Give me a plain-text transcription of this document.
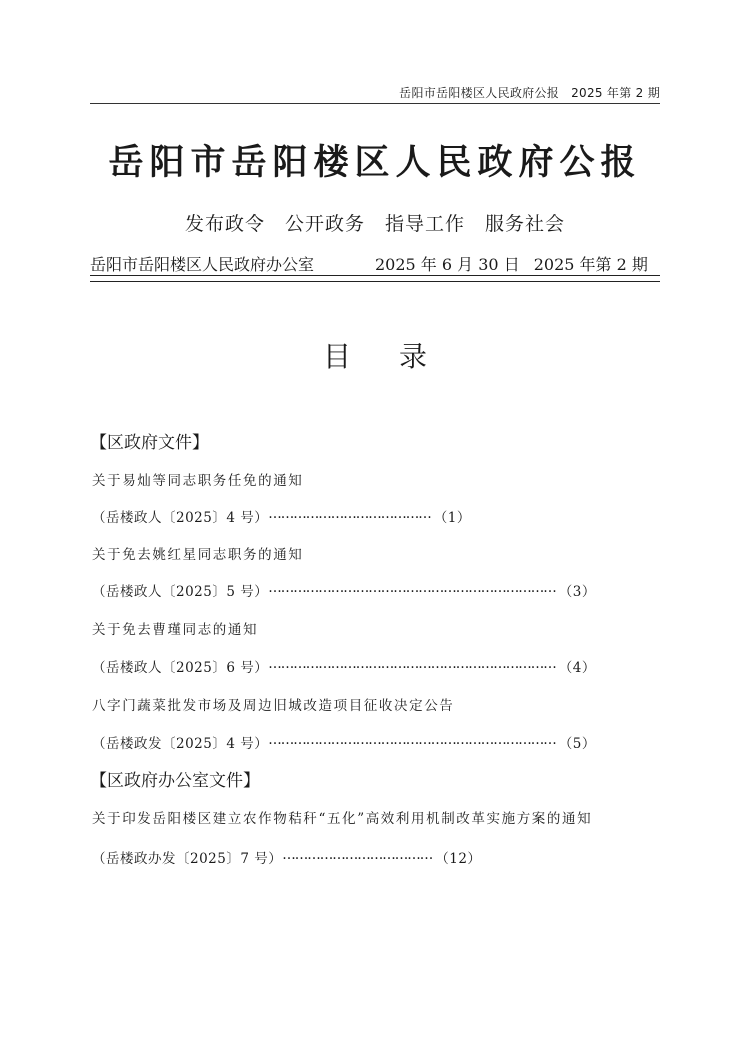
岳阳市岳阳楼区人民政府公报 2025 年第 2 期
岳阳市岳阳楼区人民政府公报
发布政令　公开政务　指导工作　服务社会
岳阳市岳阳楼区人民政府办公室	2025 年 6 月 30 日 2025 年第 2 期
目录
【区政府文件】
关于易灿等同志职务任免的通知
（岳楼政人〔2025〕4 号） ………………………………… （1）
关于免去姚红星同志职务的通知
（岳楼政人〔2025〕5 号） …………………………………………………………… （3）
关于免去曹瑾同志的通知
（岳楼政人〔2025〕6 号） …………………………………………………………… （4）
八字门蔬菜批发市场及周边旧城改造项目征收决定公告
（岳楼政发〔2025〕4 号） …………………………………………………………… （5）
【区政府办公室文件】
关于印发岳阳楼区建立农作物秸秆“五化”高效利用机制改革实施方案的通知
（岳楼政办发〔2025〕7 号） ……………………………… （12）
